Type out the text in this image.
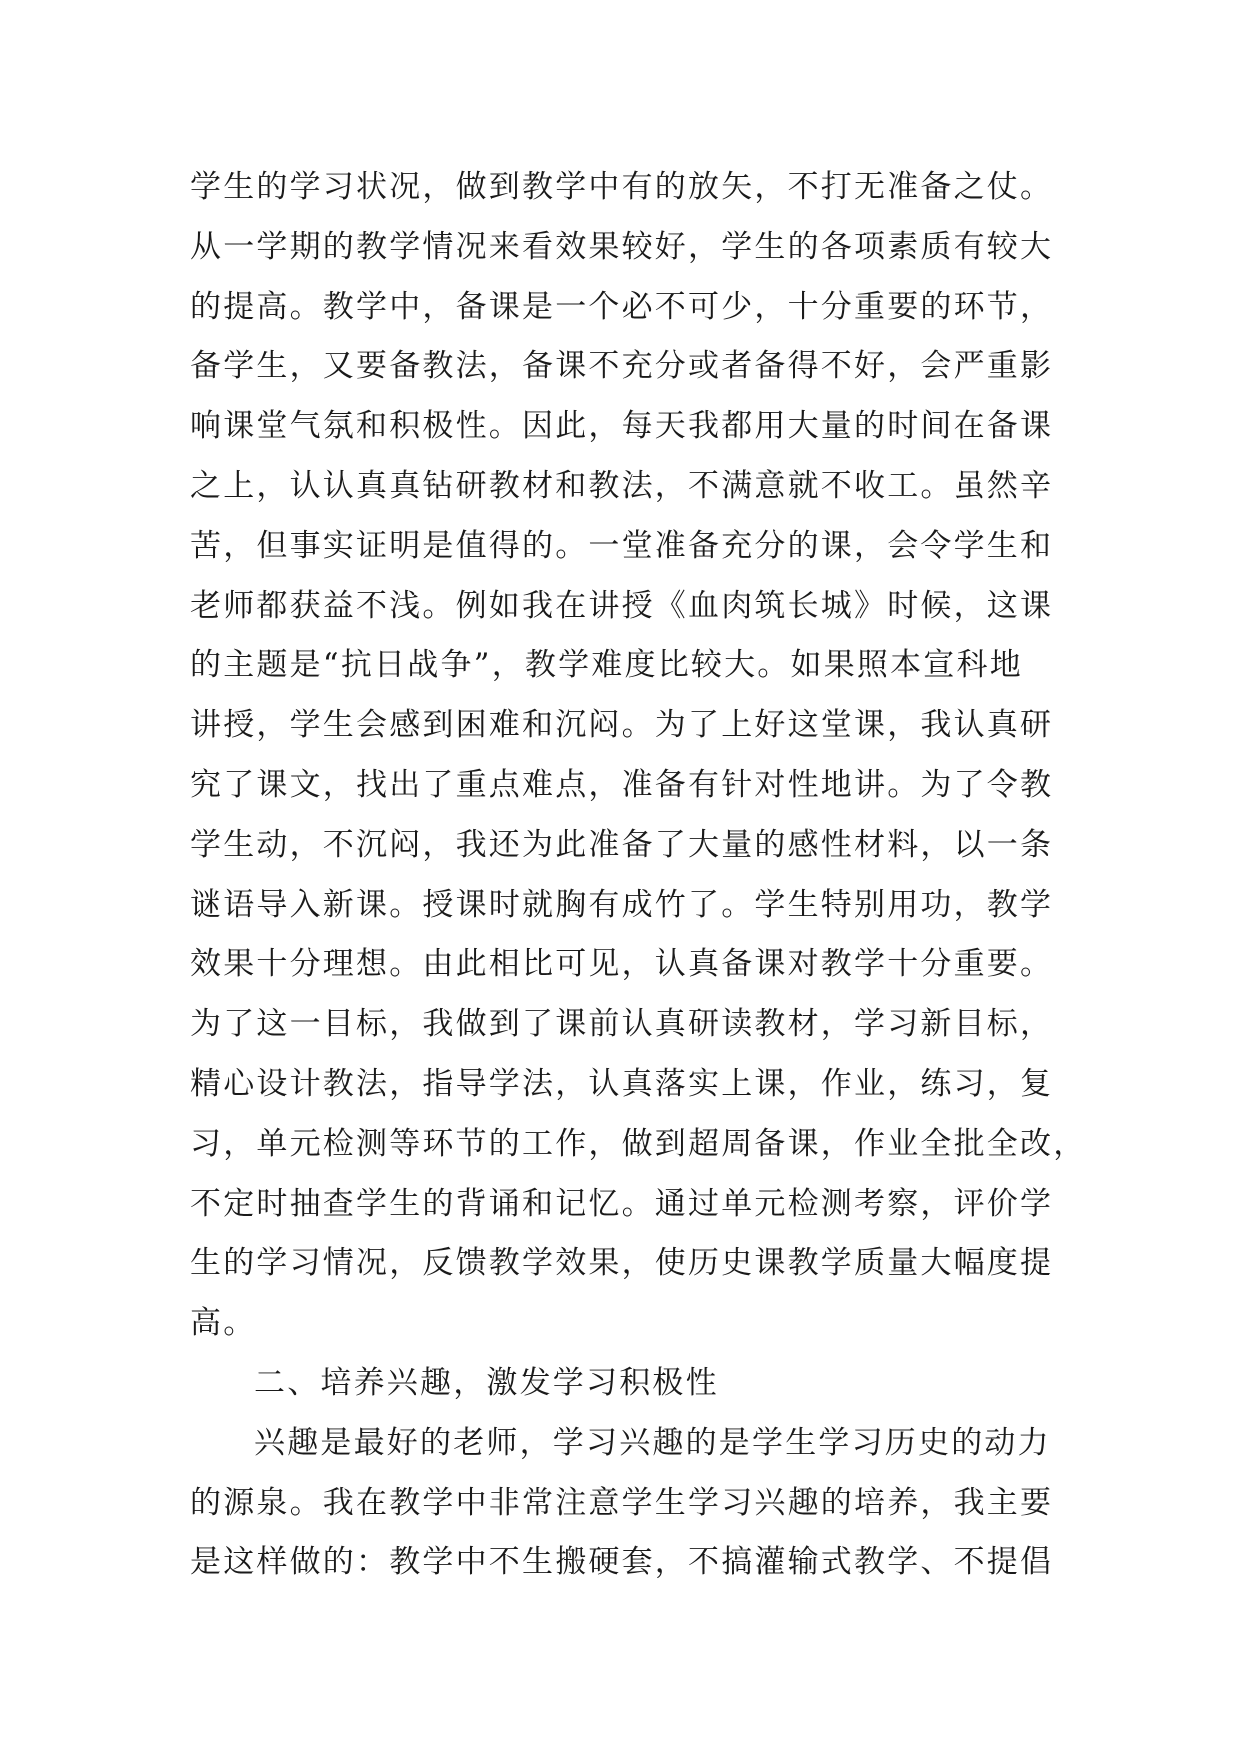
学生的学习状况，做到教学中有的放矢，不打无准备之仗。
从一学期的教学情况来看效果较好，学生的各项素质有较大
的提高。教学中，备课是一个必不可少，十分重要的环节，
备学生，又要备教法，备课不充分或者备得不好，会严重影
响课堂气氛和积极性。因此，每天我都用大量的时间在备课
之上，认认真真钻研教材和教法，不满意就不收工。虽然辛
苦，但事实证明是值得的。一堂准备充分的课，会令学生和
老师都获益不浅。例如我在讲授《血肉筑长城》时候，这课
的主题是“抗日战争”，教学难度比较大。如果照本宣科地
讲授，学生会感到困难和沉闷。为了上好这堂课，我认真研
究了课文，找出了重点难点，准备有针对性地讲。为了令教
学生动，不沉闷，我还为此准备了大量的感性材料，以一条
谜语导入新课。授课时就胸有成竹了。学生特别用功，教学
效果十分理想。由此相比可见，认真备课对教学十分重要。
为了这一目标，我做到了课前认真研读教材，学习新目标，
精心设计教法，指导学法，认真落实上课，作业，练习，复
习，单元检测等环节的工作，做到超周备课，作业全批全改，
不定时抽查学生的背诵和记忆。通过单元检测考察，评价学
生的学习情况，反馈教学效果，使历史课教学质量大幅度提
高。
二、培养兴趣，激发学习积极性
兴趣是最好的老师，学习兴趣的是学生学习历史的动力
的源泉。我在教学中非常注意学生学习兴趣的培养，我主要
是这样做的：教学中不生搬硬套，不搞灌输式教学、不提倡
